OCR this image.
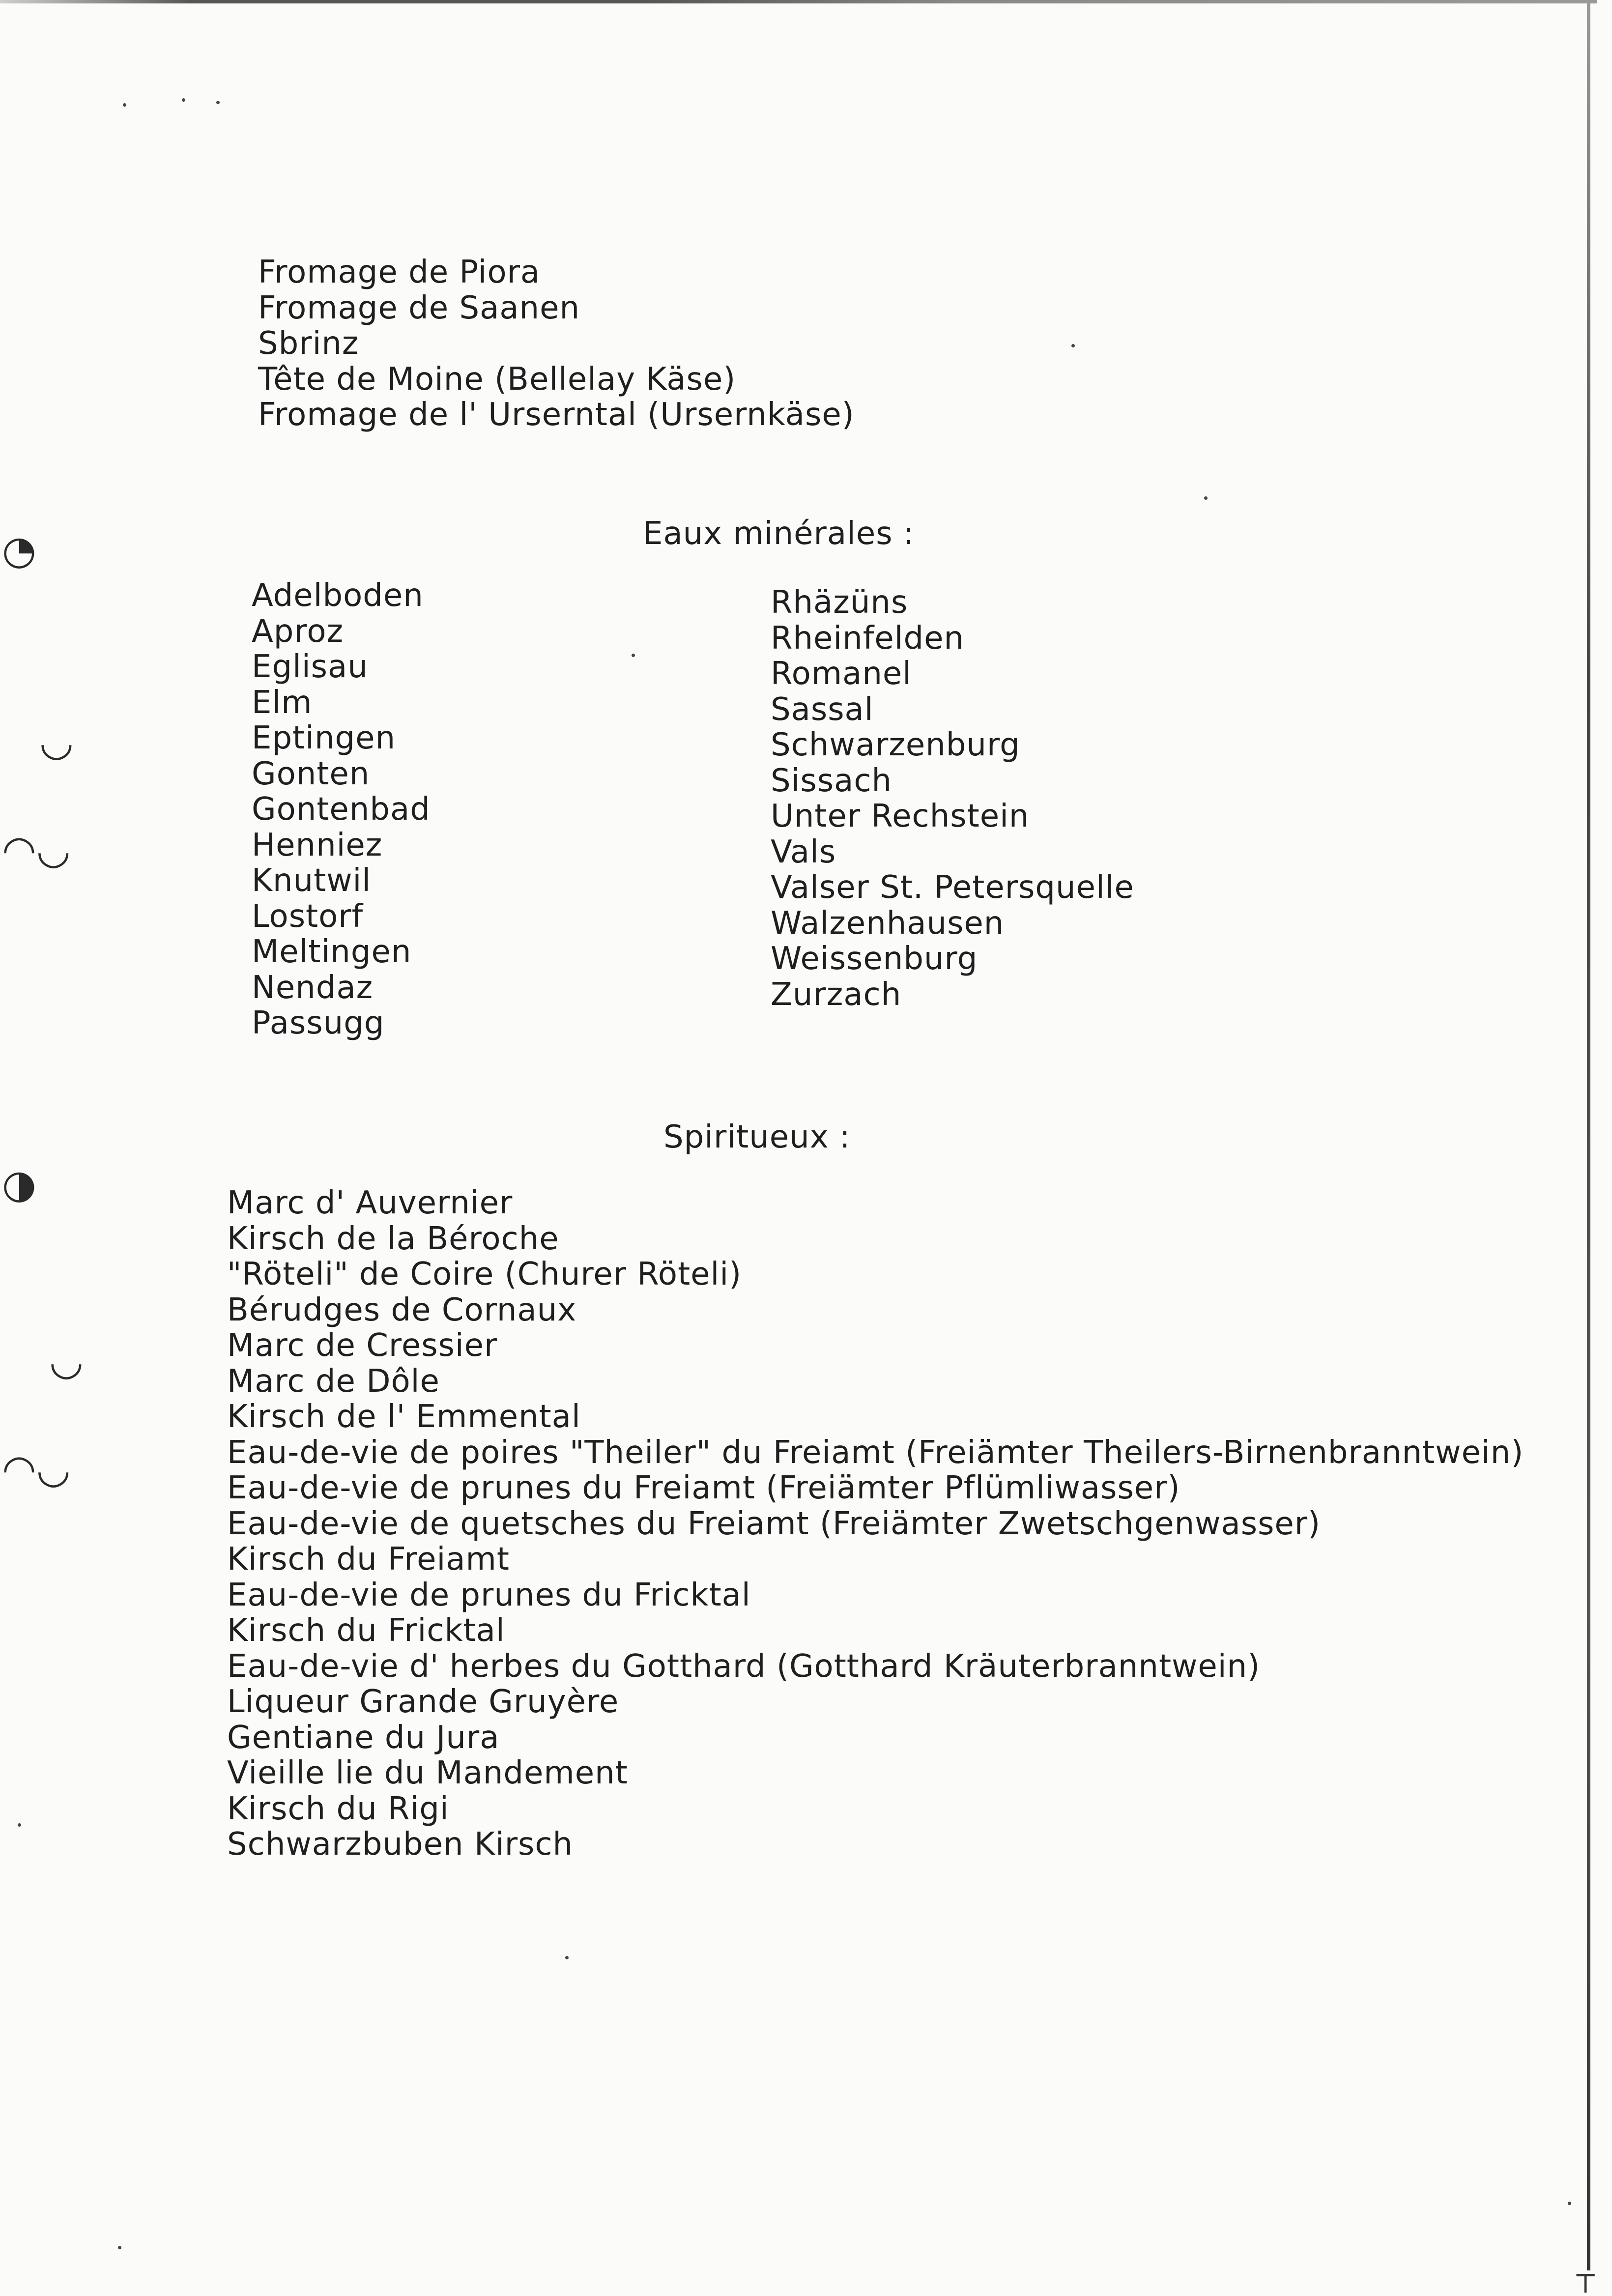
┬
◔
◡
◠◡
◑
◡
◠◡
Fromage de Piora
Fromage de Saanen
Sbrinz
Tête de Moine (Bellelay Käse)
Fromage de l' Urserntal (Ursernkäse)
Eaux minérales :
Adelboden
Aproz
Eglisau
Elm
Eptingen
Gonten
Gontenbad
Henniez
Knutwil
Lostorf
Meltingen
Nendaz
Passugg
Rhäzüns
Rheinfelden
Romanel
Sassal
Schwarzenburg
Sissach
Unter Rechstein
Vals
Valser St. Petersquelle
Walzenhausen
Weissenburg
Zurzach
Spiritueux :
Marc d' Auvernier
Kirsch de la Béroche
"Röteli" de Coire (Churer Röteli)
Bérudges de Cornaux
Marc de Cressier
Marc de Dôle
Kirsch de l' Emmental
Eau-de-vie de poires "Theiler" du Freiamt (Freiämter Theilers-Birnenbranntwein)
Eau-de-vie de prunes du Freiamt (Freiämter Pflümliwasser)
Eau-de-vie de quetsches du Freiamt (Freiämter Zwetschgenwasser)
Kirsch du Freiamt
Eau-de-vie de prunes du Fricktal
Kirsch du Fricktal
Eau-de-vie d' herbes du Gotthard (Gotthard Kräuterbranntwein)
Liqueur Grande Gruyère
Gentiane du Jura
Vieille lie du Mandement
Kirsch du Rigi
Schwarzbuben Kirsch
